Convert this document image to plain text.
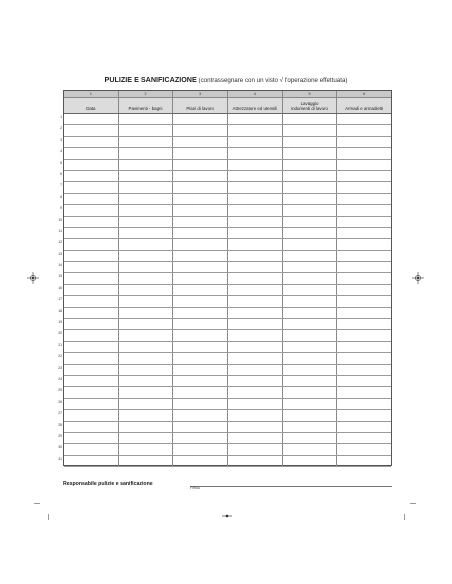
PULIZIE E SANIFICAZIONE (contrassegnare con un visto √ l'operazione effettuata)
1	2	3	4	5	6
Data	Pavimenti - bagni	Piani di lavoro	Attrezzature ed utensili
Lavaggio
indumenti di lavoro	Armadi e armadietti
1
2
3
4
5
6
7
8
9
10
11
12
13
14
15
16
17
18
19
20
21
22
23
24
25
26
27
28
29
30
31
Responsabile pulizie e sanificazione
FIRMA
